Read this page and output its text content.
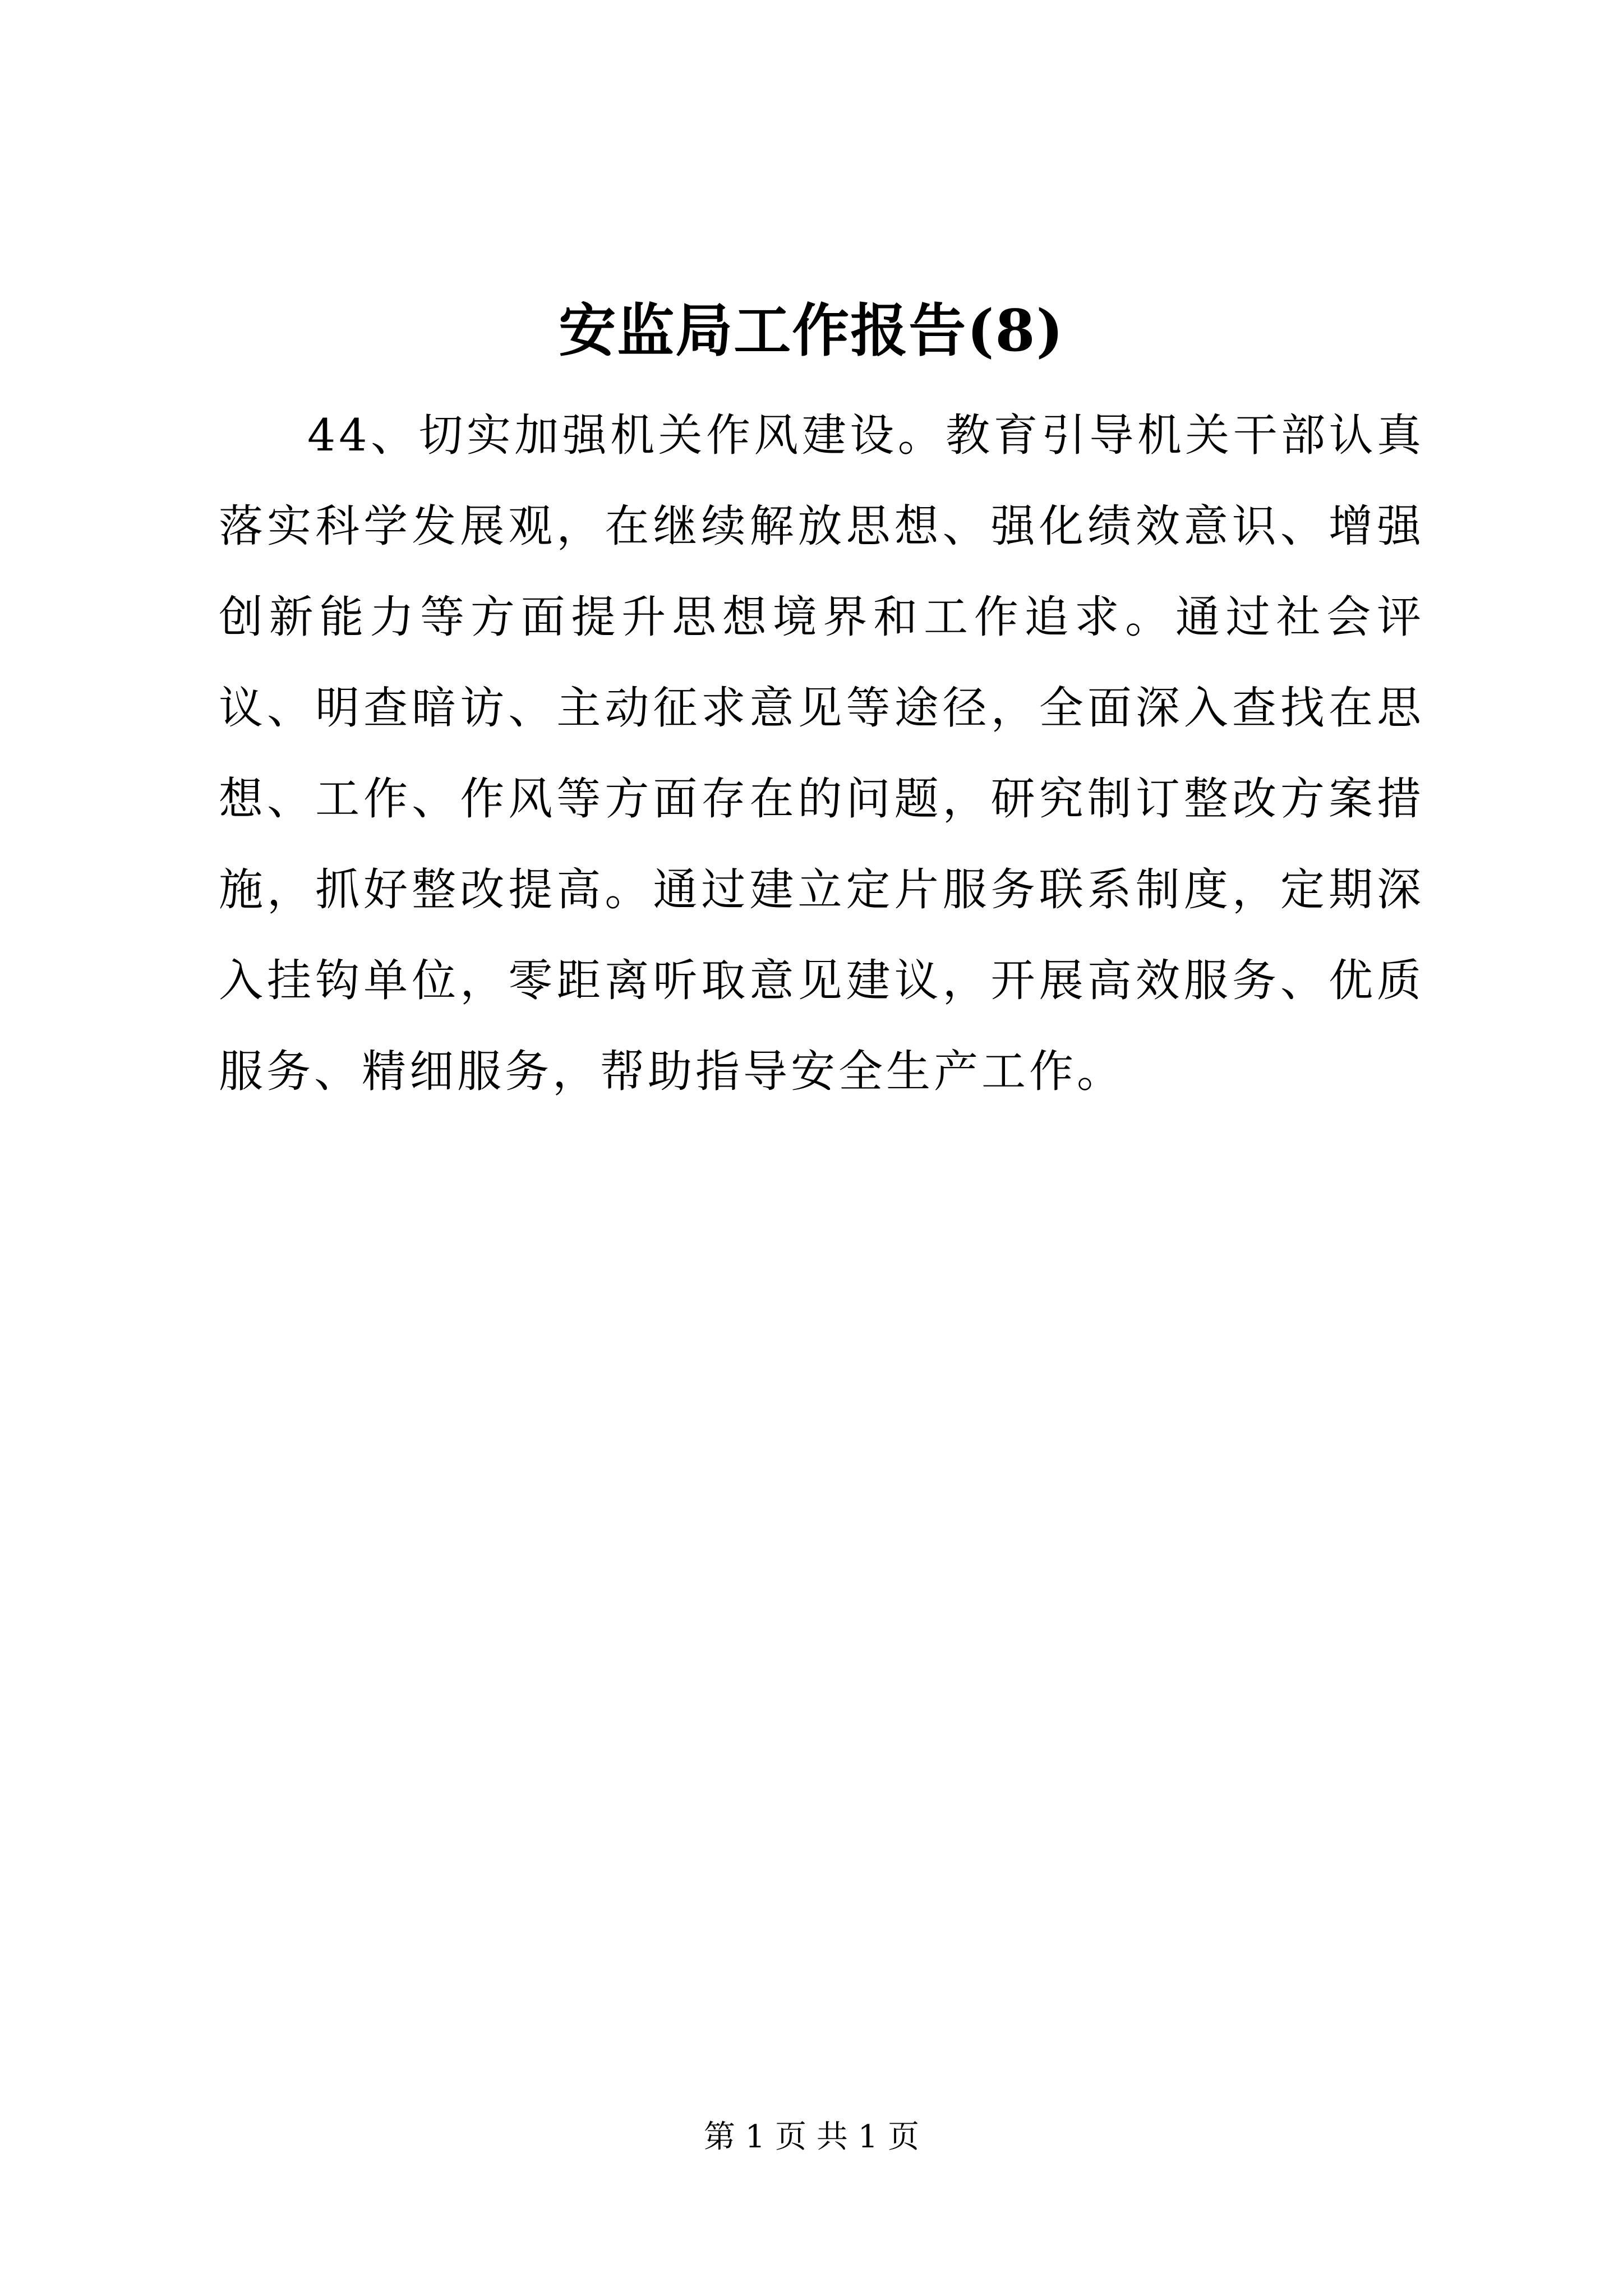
安监局工作报告(8)
44、切实加强机关作风建设。教育引导机关干部认真落实科学发展观，在继续解放思想、强化绩效意识、增强创新能力等方面提升思想境界和工作追求。通过社会评议、明查暗访、主动征求意见等途径，全面深入查找在思想、工作、作风等方面存在的问题，研究制订整改方案措施，抓好整改提高。通过建立定片服务联系制度，定期深入挂钩单位，零距离听取意见建议，开展高效服务、优质服务、精细服务，帮助指导安全生产工作。
第 1 页 共 1 页
